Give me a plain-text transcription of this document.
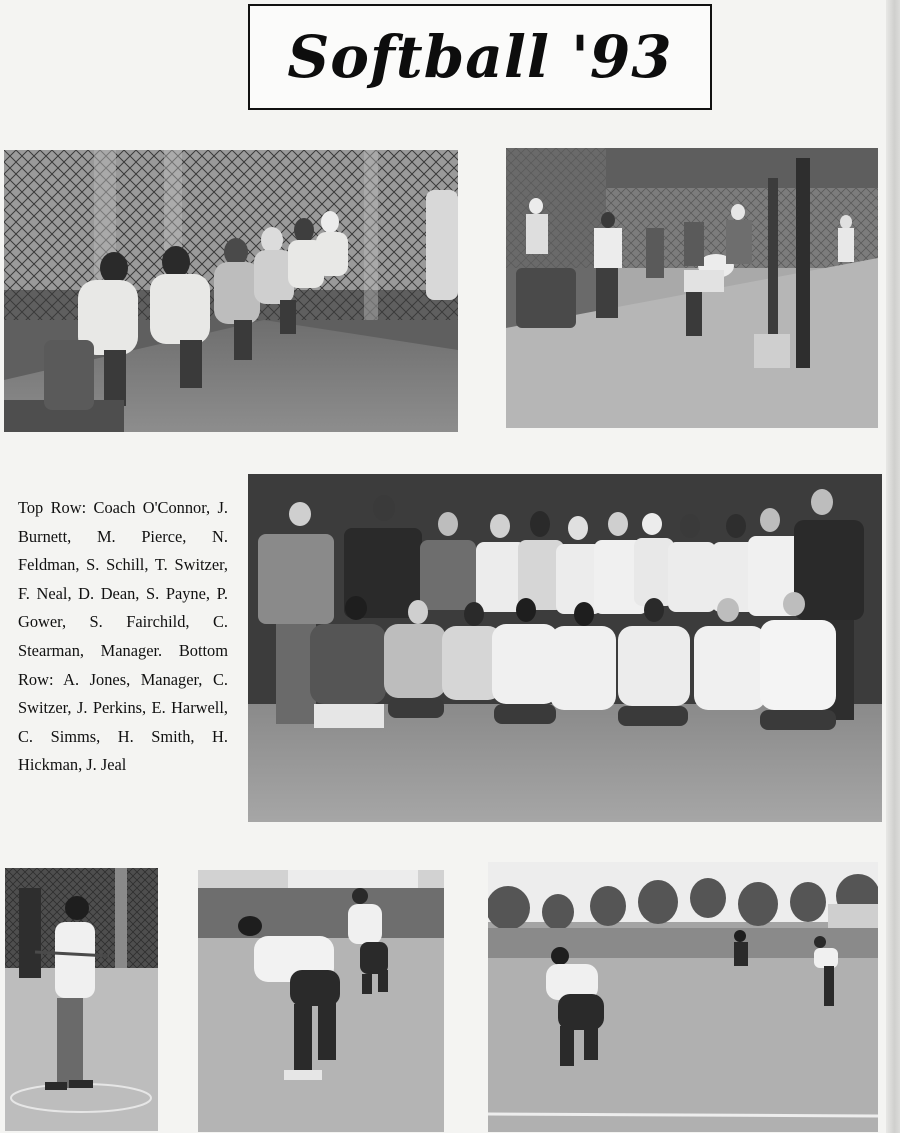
Softball '93
Top Row: Coach O'Connor, J. Burnett, M. Pierce, N. Feldman, S. Schill, T. Switzer, F. Neal, D. Dean, S. Payne, P. Gower, S. Fairchild, C. Stearman, Manager. Bottom Row: A. Jones, Manager, C. Switzer, J. Perkins, E. Harwell, C. Simms, H. Smith, H. Hickman, J. Jeal
